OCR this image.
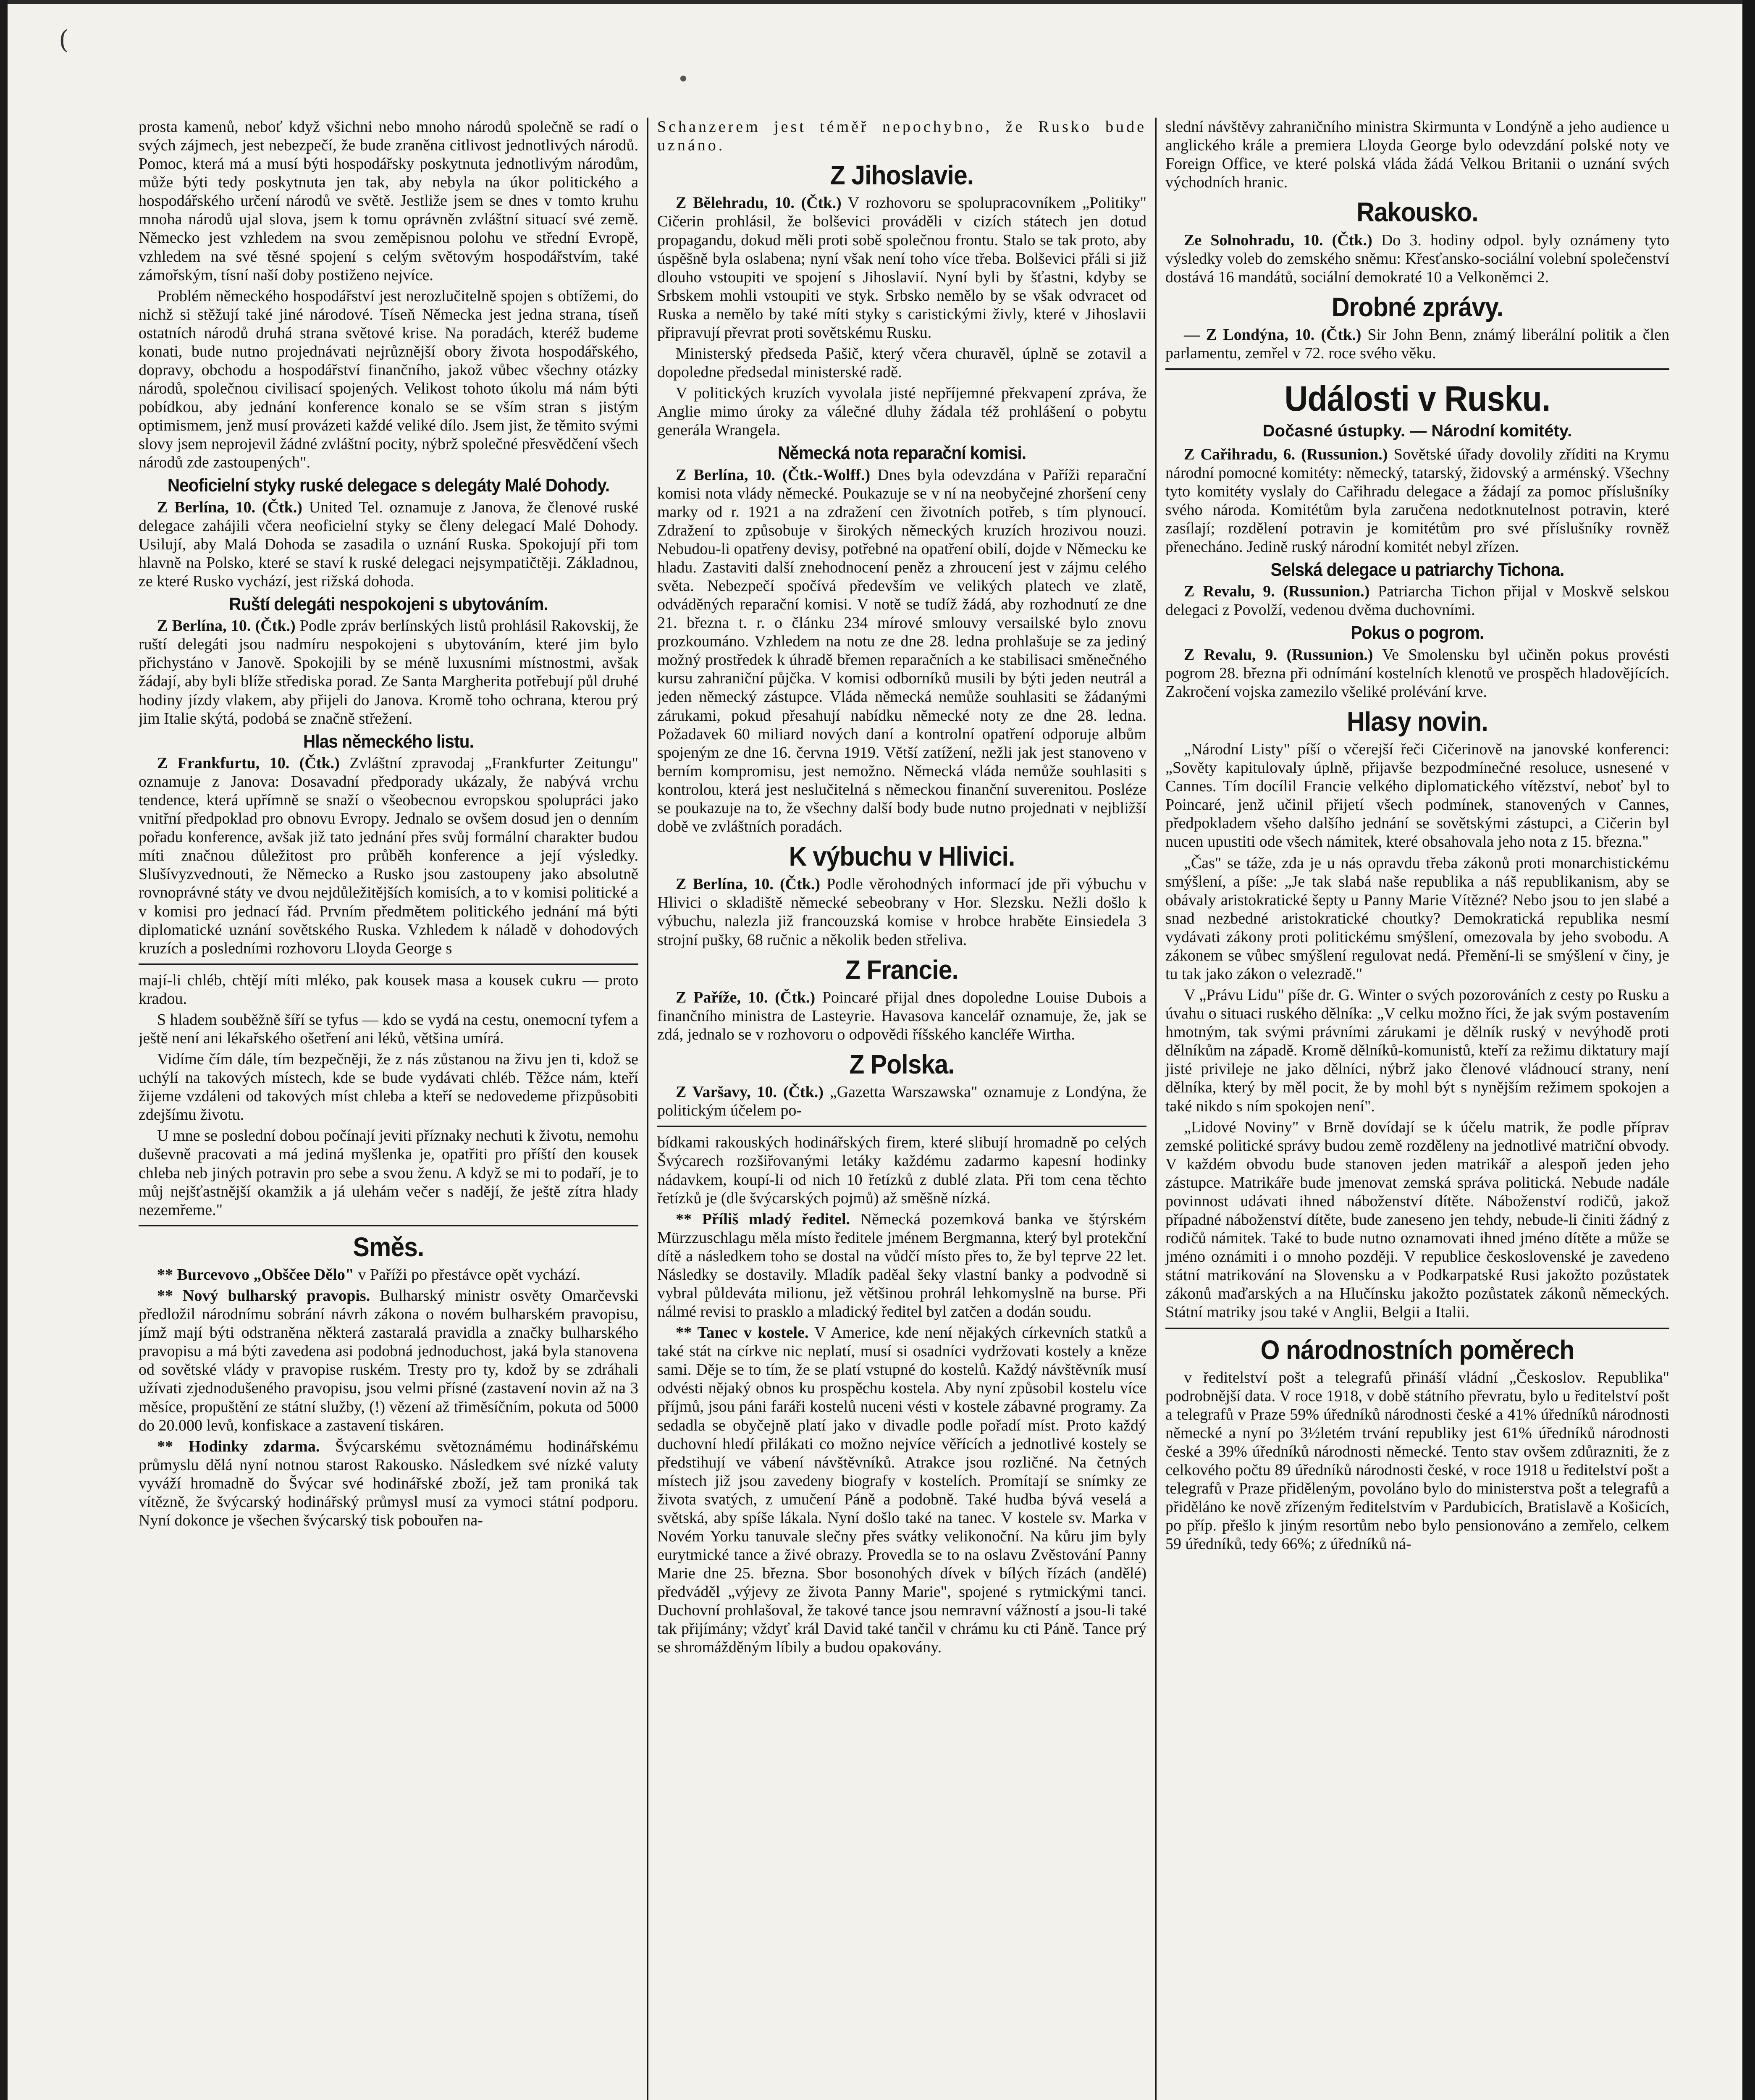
(

prosta kamenů, neboť když všichni nebo mnoho národů společně se radí o svých zájmech, jest nebezpečí, že bude zraněna citlivost jednotlivých národů. Pomoc, která má a musí býti hospodářsky poskytnuta jednotlivým národům, může býti tedy poskytnuta jen tak, aby nebyla na úkor politického a hospodářského určení národů ve světě. Jestliže jsem se dnes v tomto kruhu mnoha národů ujal slova, jsem k tomu oprávněn zvláštní situací své země. Německo jest vzhledem na svou zeměpisnou polohu ve střední Evropě, vzhledem na své těsné spojení s celým světovým hospodářstvím, také zámořským, tísní naší doby postiženo nejvíce.

Problém německého hospodářství jest nerozlučitelně spojen s obtížemi, do nichž si stěžují také jiné národové. Tíseň Německa jest jedna strana, tíseň ostatních národů druhá strana světové krise. Na poradách, kteréž budeme konati, bude nutno projednávati nejrůznější obory života hospodářského, dopravy, obchodu a hospodářství finančního, jakož vůbec všechny otázky národů, společnou civilisací spojených. Velikost tohoto úkolu má nám býti pobídkou, aby jednání konference konalo se se vším stran s jistým optimismem, jenž musí provázeti každé veliké dílo. Jsem jist, že těmito svými slovy jsem neprojevil žádné zvláštní pocity, nýbrž společné přesvědčení všech národů zde zastoupených".

Neoficielní styky ruské delegace s delegáty Malé Dohody.

Z Berlína, 10. (Čtk.) United Tel. oznamuje z Janova, že členové ruské delegace zahájili včera neoficielní styky se členy delegací Malé Dohody. Usilují, aby Malá Dohoda se zasadila o uznání Ruska. Spokojují při tom hlavně na Polsko, které se staví k ruské delegaci nejsympatičtěji. Základnou, ze které Rusko vychází, jest rižská dohoda.

Ruští delegáti nespokojeni s ubytováním.

Z Berlína, 10. (Čtk.) Podle zpráv berlínských listů prohlásil Rakovskij, že ruští delegáti jsou nadmíru nespokojeni s ubytováním, které jim bylo přichystáno v Janově. Spokojili by se méně luxusními místnostmi, avšak žádají, aby byli blíže střediska porad. Ze Santa Margherita potřebují půl druhé hodiny jízdy vlakem, aby přijeli do Janova. Kromě toho ochrana, kterou prý jim Italie skýtá, podobá se značně střežení.

Hlas německého listu.

Z Frankfurtu, 10. (Čtk.) Zvláštní zpravodaj „Frankfurter Zeitungu" oznamuje z Janova: Dosavadní předporady ukázaly, že nabývá vrchu tendence, která upřímně se snaží o všeobecnou evropskou spolupráci jako vnitřní předpoklad pro obnovu Evropy. Jednalo se ovšem dosud jen o denním pořadu konference, avšak již tato jednání přes svůj formální charakter budou míti značnou důležitost pro průběh konference a její výsledky. Slušívyzvednouti, že Německo a Rusko jsou zastoupeny jako absolutně rovnoprávné státy ve dvou nejdůležitějších komisích, a to v komisi politické a v komisi pro jednací řád. Prvním předmětem politického jednání má býti diplomatické uznání sovětského Ruska. Vzhledem k náladě v dohodových kruzích a posledními rozhovoru Lloyda George s

mají-li chléb, chtějí míti mléko, pak kousek masa a kousek cukru — proto kradou.

S hladem souběžně šíří se tyfus — kdo se vydá na cestu, onemocní tyfem a ještě není ani lékařského ošetření ani léků, většina umírá.

Vidíme čím dále, tím bezpečněji, že z nás zůstanou na živu jen ti, kdož se uchýlí na takových místech, kde se bude vydávati chléb. Těžce nám, kteří žijeme vzdáleni od takových míst chleba a kteří se nedovedeme přizpůsobiti zdejšímu životu.

U mne se poslední dobou počínají jeviti příznaky nechuti k životu, nemohu duševně pracovati a má jediná myšlenka je, opatřiti pro příští den kousek chleba neb jiných potravin pro sebe a svou ženu. A když se mi to podaří, je to můj nejšťastnější okamžik a já ulehám večer s nadějí, že ještě zítra hlady nezemřeme."

Směs.

** Burcevovo „Obščee Dělo" v Paříži po přestávce opět vychází.

** Nový bulharský pravopis. Bulharský ministr osvěty Omarčevski předložil národnímu sobrání návrh zákona o novém bulharském pravopisu, jímž mají býti odstraněna některá zastaralá pravidla a značky bulharského pravopisu a má býti zavedena asi podobná jednoduchost, jaká byla stanovena od sovětské vlády v pravopise ruském. Tresty pro ty, kdož by se zdráhali užívati zjednodušeného pravopisu, jsou velmi přísné (zastavení novin až na 3 měsíce, propuštění ze státní služby, (!) vězení až třiměsíčním, pokuta od 5000 do 20.000 levů, konfiskace a zastavení tiskáren.

** Hodinky zdarma. Švýcarskému světoznámému hodinářskému průmyslu dělá nyní notnou starost Rakousko. Následkem své nízké valuty vyváží hromadně do Švýcar své hodinářské zboží, jež tam proniká tak vítězně, že švýcarský hodinářský průmysl musí za vymoci státní podporu. Nyní dokonce je všechen švýcarský tisk pobouřen na-

Schanzerem jest téměř nepochybno, že Rusko bude uznáno.

Z Jihoslavie.

Z Bělehradu, 10. (Čtk.) V rozhovoru se spolupracovníkem „Politiky" Cičerin prohlásil, že bolševici prováděli v cizích státech jen dotud propagandu, dokud měli proti sobě společnou frontu. Stalo se tak proto, aby úspěšně byla oslabena; nyní však není toho více třeba. Bolševici přáli si již dlouho vstoupiti ve spojení s Jihoslavií. Nyní byli by šťastni, kdyby se Srbskem mohli vstoupiti ve styk. Srbsko nemělo by se však odvracet od Ruska a nemělo by také míti styky s caristickými živly, které v Jihoslavii připravují převrat proti sovětskému Rusku.

Ministerský předseda Pašič, který včera churavěl, úplně se zotavil a dopoledne předsedal ministerské radě.

V politických kruzích vyvolala jisté nepříjemné překvapení zpráva, že Anglie mimo úroky za válečné dluhy žádala též prohlášení o pobytu generála Wrangela.

Německá nota reparační komisi.

Z Berlína, 10. (Čtk.-Wolff.) Dnes byla odevzdána v Paříži reparační komisi nota vlády německé. Poukazuje se v ní na neobyčejné zhoršení ceny marky od r. 1921 a na zdražení cen životních potřeb, s tím plynoucí. Zdražení to způsobuje v širokých německých kruzích hrozivou nouzi. Nebudou-li opatřeny devisy, potřebné na opatření obilí, dojde v Německu ke hladu. Zastaviti další znehodnocení peněz a zhroucení jest v zájmu celého světa. Nebezpečí spočívá především ve velikých platech ve zlatě, odváděných reparační komisi. V notě se tudíž žádá, aby rozhodnutí ze dne 21. března t. r. o článku 234 mírové smlouvy versailské bylo znovu prozkoumáno. Vzhledem na notu ze dne 28. ledna prohlašuje se za jediný možný prostředek k úhradě břemen reparačních a ke stabilisaci směnečného kursu zahraniční půjčka. V komisi odborníků musili by býti jeden neutrál a jeden německý zástupce. Vláda německá nemůže souhlasiti se žádanými zárukami, pokud přesahují nabídku německé noty ze dne 28. ledna. Požadavek 60 miliard nových daní a kontrolní opatření odporuje albům spojeným ze dne 16. června 1919. Větší zatížení, nežli jak jest stanoveno v berním kompromisu, jest nemožno. Německá vláda nemůže souhlasiti s kontrolou, která jest neslučitelná s německou finanční suverenitou. Posléze se poukazuje na to, že všechny další body bude nutno projednati v nejbližší době ve zvláštních poradách.

K výbuchu v Hlivici.

Z Berlína, 10. (Čtk.) Podle věrohodných informací jde při výbuchu v Hlivici o skladiště německé sebeobrany v Hor. Slezsku. Nežli došlo k výbuchu, nalezla již francouzská komise v hrobce hraběte Einsiedela 3 strojní pušky, 68 ručnic a několik beden střeliva.

Z Francie.

Z Paříže, 10. (Čtk.) Poincaré přijal dnes dopoledne Louise Dubois a finančního ministra de Lasteyrie. Havasova kancelář oznamuje, že, jak se zdá, jednalo se v rozhovoru o odpovědi říšského kancléře Wirtha.

Z Polska.

Z Varšavy, 10. (Čtk.) „Gazetta Warszawska" oznamuje z Londýna, že politickým účelem po-

bídkami rakouských hodinářských firem, které slibují hromadně po celých Švýcarech rozšiřovanými letáky každému zadarmo kapesní hodinky nádavkem, koupí-li od nich 10 řetízků z dublé zlata. Při tom cena těchto řetízků je (dle švýcarských pojmů) až směšně nízká.

** Příliš mladý ředitel. Německá pozemková banka ve štýrském Mürzzuschlagu měla místo ředitele jménem Bergmanna, který byl protekční dítě a následkem toho se dostal na vůdčí místo přes to, že byl teprve 22 let. Následky se dostavily. Mladík paděal šeky vlastní banky a podvodně si vybral půldevátа milionu, jež většinou prohrál lehkomyslně na burse. Při nálmé revisi to prasklo a mladický ředitel byl zatčen a dodán soudu.

** Tanec v kostele. V Americe, kde není nějakých církevních statků a také stát na církve nic neplatí, musí si osadníci vydržovati kostely a kněze sami. Děje se to tím, že se platí vstupné do kostelů. Každý návštěvník musí odvésti nějaký obnos ku prospěchu kostela. Aby nyní způsobil kostelu více příjmů, jsou páni faráři kostelů nuceni vésti v kostele zábavné programy. Za sedadla se obyčejně platí jako v divadle podle pořadí míst. Proto každý duchovní hledí přilákati co možno nejvíce věřících a jednotlivé kostely se předstihují ve vábení návštěvníků. Atrakce jsou rozličné. Na četných místech již jsou zavedeny biografy v kostelích. Promítají se snímky ze života svatých, z umučení Páně a podobně. Také hudba bývá veselá a světská, aby spíše lákala. Nyní došlo také na tanec. V kostele sv. Marka v Novém Yorku tanuvale slečny přes svátky velikonoční. Na kůru jim byly eurytmické tance a živé obrazy. Provedla se to na oslavu Zvěstování Panny Marie dne 25. března. Sbor bosonohých dívek v bílých řízách (andělé) předváděl „výjevy ze života Panny Marie", spojené s rytmickými tanci. Duchovní prohlašoval, že takové tance jsou nemravní vážností a jsou-li také tak přijímány; vždyť král David také tančil v chrámu ku cti Páně. Tance prý se shromážděným líbily a budou opakovány.

slední návštěvy zahraničního ministra Skirmunta v Londýně a jeho audience u anglického krále a premiera Lloyda George bylo odevzdání polské noty ve Foreign Office, ve které polská vláda žádá Velkou Britanii o uznání svých východních hranic.

Rakousko.

Ze Solnohradu, 10. (Čtk.) Do 3. hodiny odpol. byly oznámeny tyto výsledky voleb do zemského sněmu: Křesťansko-sociální volební společenství dostává 16 mandátů, sociální demokraté 10 a Velkoněmci 2.

Drobné zprávy.

— Z Londýna, 10. (Čtk.) Sir John Benn, známý liberální politik a člen parlamentu, zemřel v 72. roce svého věku.

Události v Rusku.
Dočasné ústupky. — Národní komitéty.

Z Cařihradu, 6. (Russunion.) Sovětské úřady dovolily zříditi na Krymu národní pomocné komitéty: německý, tatarský, židovský a arménský. Všechny tyto komitéty vyslaly do Cařihradu delegace a žádají za pomoc příslušníky svého národa. Komitétům byla zaručena nedotknutelnost potravin, které zasílají; rozdělení potravin je komitétům pro své příslušníky rovněž přenecháno. Jedině ruský národní komitét nebyl zřízen.

Selská delegace u patriarchy Tichona.

Z Revalu, 9. (Russunion.) Patriarcha Tichon přijal v Moskvě selskou delegaci z Povolží, vedenou dvěma duchovními.

Pokus o pogrom.

Z Revalu, 9. (Russunion.) Ve Smolensku byl učiněn pokus provésti pogrom 28. března při odnímání kostelních klenotů ve prospěch hladovějících. Zakročení vojska zamezilo všeliké prolévání krve.

Hlasy novin.

„Národní Listy" píší o včerejší řeči Cičerinově na janovské konferenci: „Sověty kapitulovaly úplně, přijavše bezpodmínečné resoluce, usnesené v Cannes. Tím docílil Francie velkého diplomatického vítězství, neboť byl to Poincaré, jenž učinil přijetí všech podmínek, stanovených v Cannes, předpokladem všeho dalšího jednání se sovětskými zástupci, a Cičerin byl nucen upustiti ode všech námitek, které obsahovala jeho nota z 15. března."

„Čas" se táže, zda je u nás opravdu třeba zákonů proti monarchistickému smýšlení, a píše: „Je tak slabá naše republika a náš republikanism, aby se obávaly aristokratické šepty u Panny Marie Vítězné? Nebo jsou to jen slabé a snad nezbedné aristokratické choutky? Demokratická republika nesmí vydávati zákony proti politickému smýšlení, omezovala by jeho svobodu. A zákonem se vůbec smýšlení regulovat nedá. Přemění-li se smýšlení v činy, je tu tak jako zákon o velezradě."

V „Právu Lidu" píše dr. G. Winter o svých pozorováních z cesty po Rusku a úvahu o situaci ruského dělníka: „V celku možno říci, že jak svým postavením hmotným, tak svými právními zárukami je dělník ruský v nevýhodě proti dělníkům na západě. Kromě dělníků-komunistů, kteří za režimu diktatury mají jisté privileje ne jako dělníci, nýbrž jako členové vládnoucí strany, není dělníka, který by měl pocit, že by mohl být s nynějším režimem spokojen a také nikdo s ním spokojen není".

„Lidové Noviny" v Brně dovídají se k účelu matrik, že podle příprav zemské politické správy budou země rozděleny na jednotlivé matriční obvody. V každém obvodu bude stanoven jeden matrikář a alespoň jeden jeho zástupce. Matrikáře bude jmenovat zemská správa politická. Nebude nadále povinnost udávati ihned náboženství dítěte. Náboženství rodičů, jakož případné náboženství dítěte, bude zaneseno jen tehdy, nebude-li činiti žádný z rodičů námitek. Také to bude nutno oznamovati ihned jméno dítěte a může se jméno oznámiti i o mnoho později. V republice československé je zavedeno státní matrikování na Slovensku a v Podkarpatské Rusi jakožto pozůstatek zákonů maďarských a na Hlučínsku jakožto pozůstatek zákonů německých. Státní matriky jsou také v Anglii, Belgii a Italii.

O národnostních poměrech

v ředitelství pošt a telegrafů přináší vládní „Českoslov. Republika" podrobnější data. V roce 1918, v době státního převratu, bylo u ředitelství pošt a telegrafů v Praze 59% úředníků národnosti české a 41% úředníků národnosti německé a nyní po 3½letém trvání republiky jest 61% úředníků národnosti české a 39% úředníků národnosti německé. Tento stav ovšem zdůrazniti, že z celkového počtu 89 úředníků národnosti české, v roce 1918 u ředitelství pošt a telegrafů v Praze přiděleným, povoláno bylo do ministerstva pošt a telegrafů a přiděláno ke nově zřízeným ředitelstvím v Pardubicích, Bratislavě a Košicích, po příp. přešlo k jiným resortům nebo bylo pensionováno a zemřelo, celkem 59 úředníků, tedy 66%; z úředníků ná-
